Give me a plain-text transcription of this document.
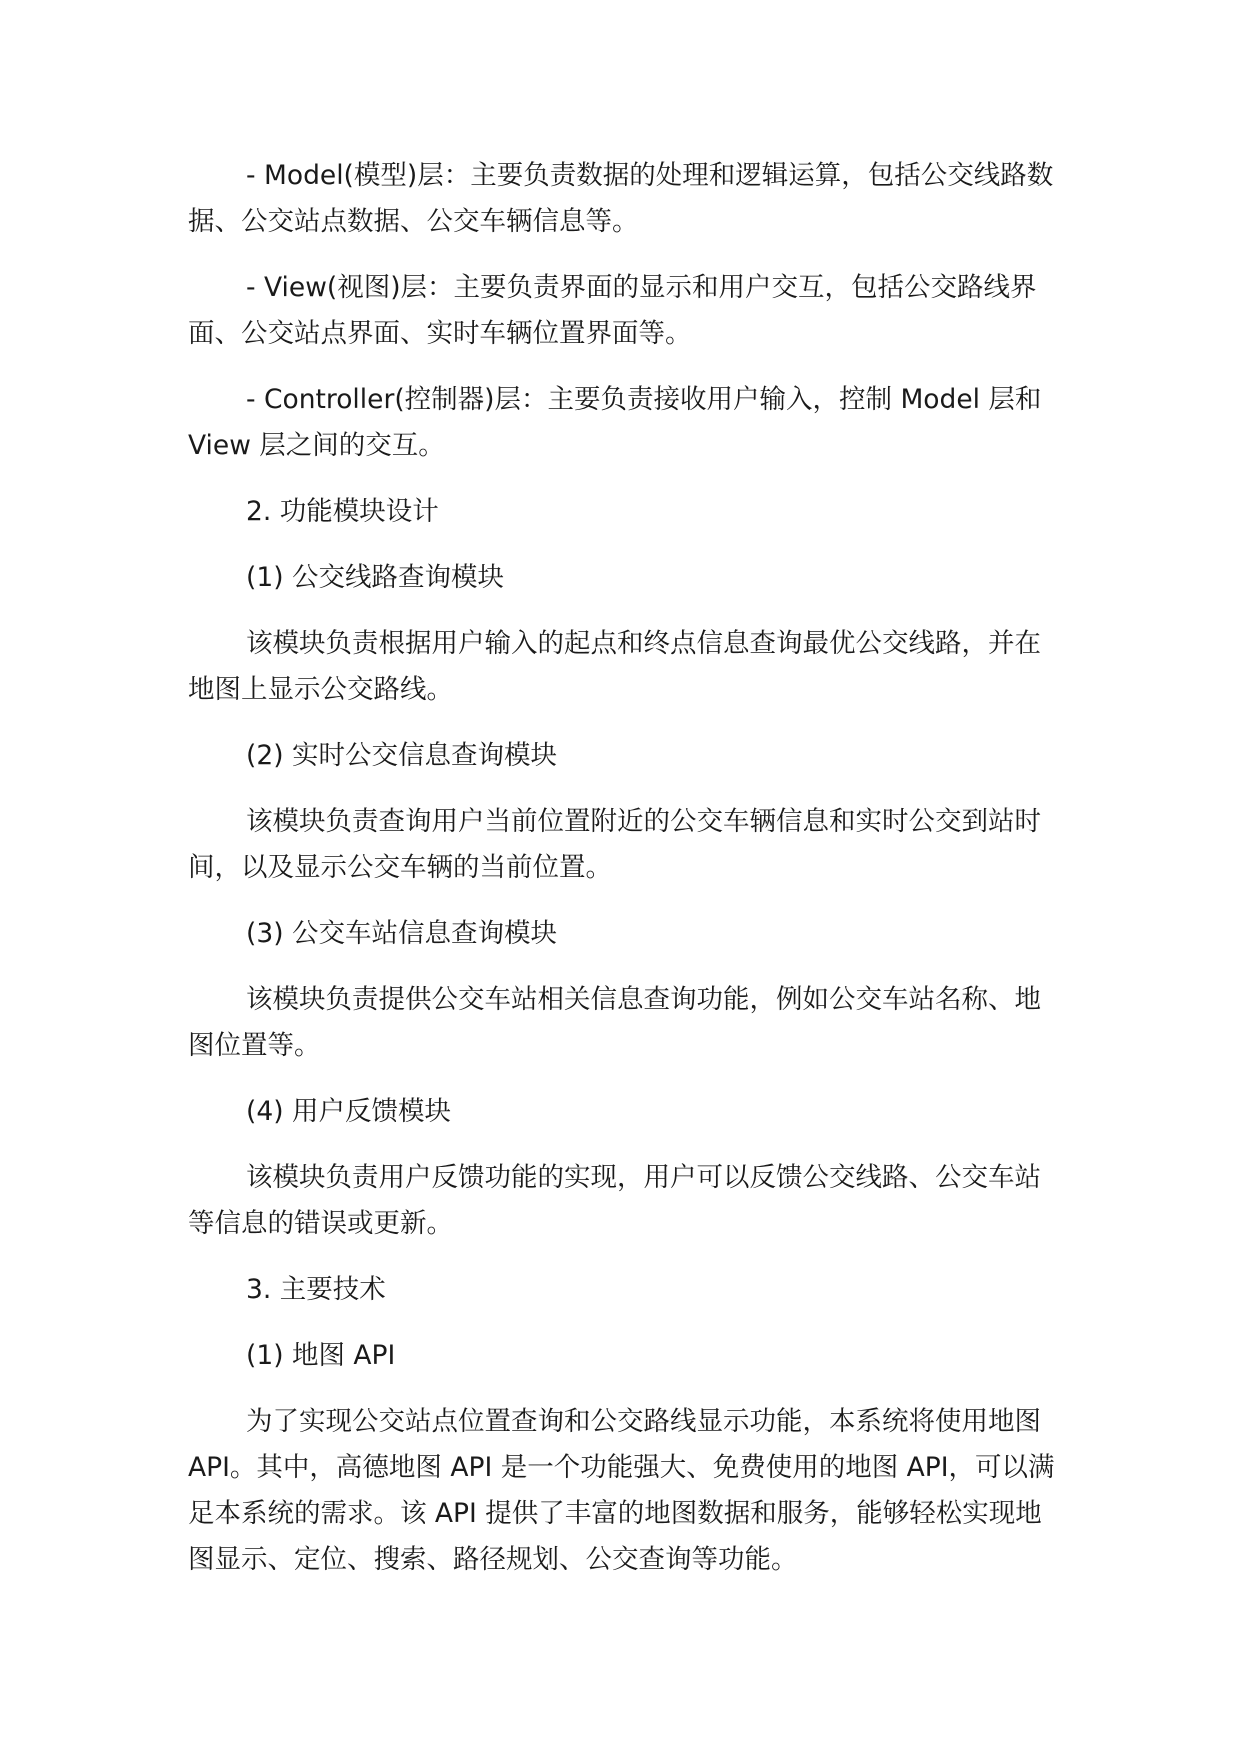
- Model(模型)层：主要负责数据的处理和逻辑运算，包括公交线路数据、公交站点数据、公交车辆信息等。

- View(视图)层：主要负责界面的显示和用户交互，包括公交路线界面、公交站点界面、实时车辆位置界面等。

- Controller(控制器)层：主要负责接收用户输入，控制 Model 层和 View 层之间的交互。

2. 功能模块设计

(1) 公交线路查询模块

该模块负责根据用户输入的起点和终点信息查询最优公交线路，并在地图上显示公交路线。

(2) 实时公交信息查询模块

该模块负责查询用户当前位置附近的公交车辆信息和实时公交到站时间，以及显示公交车辆的当前位置。

(3) 公交车站信息查询模块

该模块负责提供公交车站相关信息查询功能，例如公交车站名称、地图位置等。

(4) 用户反馈模块

该模块负责用户反馈功能的实现，用户可以反馈公交线路、公交车站等信息的错误或更新。

3. 主要技术

(1) 地图 API

为了实现公交站点位置查询和公交路线显示功能，本系统将使用地图 API。其中，高德地图 API 是一个功能强大、免费使用的地图 API，可以满足本系统的需求。该 API 提供了丰富的地图数据和服务，能够轻松实现地图显示、定位、搜索、路径规划、公交查询等功能。
